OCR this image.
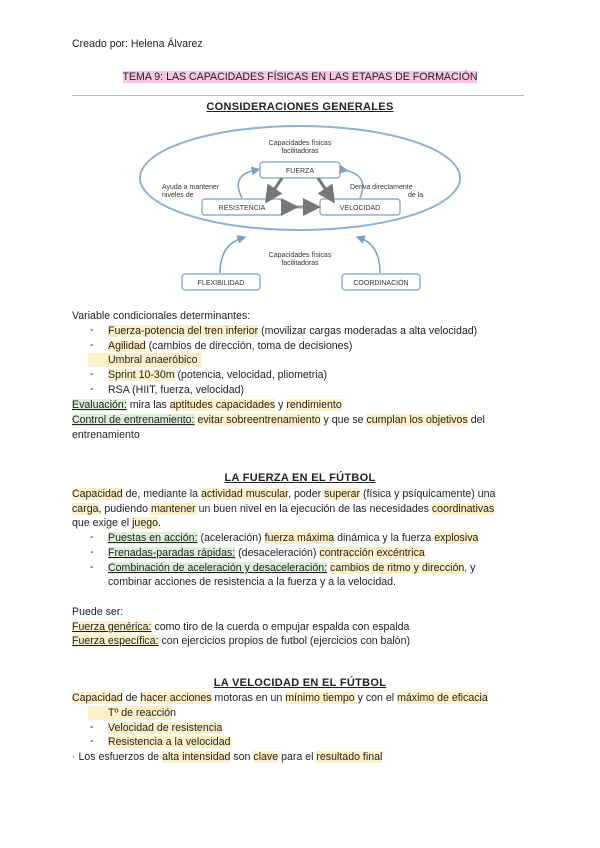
Creado por: Helena Álvarez
TEMA 9: LAS CAPACIDADES FÍSICAS EN LAS ETAPAS DE FORMACIÓN
CONSIDERACIONES GENERALES
Capacidades físicas
facilitadoras
FUERZA
RESISTENCIA	VELOCIDAD
Ayuda a mantener
niveles de
Deriva directamente
de la
Capacidades físicas
facilitadoras
FLEXIBILIDAD	COORDINACIÓN
Variable condicionales determinantes:
- Fuerza-potencia del tren inferior (movilizar cargas moderadas a alta velocidad)
- Agilidad (cambios de dirección, toma de decisiones)
Umbral anaeróbico
- Sprint 10-30m (potencia, velocidad, pliometria)
- RSA (HIIT, fuerza, velocidad)
Evaluación: mira las aptitudes capacidades y rendimiento
Control de entrenamiento: evitar sobreentrenamiento y que se cumplan los objetivos del
entrenamiento
LA FUERZA EN EL FÚTBOL
Capacidad de, mediante la actividad muscular, poder superar (física y psíquicamente) una
carga, pudiendo mantener un buen nivel en la ejecución de las necesidades coordinativas
que exige el juego.
- Puestas en acción: (aceleración) fuerza máxima dinámica y la fuerza explosiva
- Frenadas-paradas rápidas: (desaceleración) contracción excéntrica
- Combinación de aceleración y desaceleración: cambios de ritmo y dirección, y
combinar acciones de resistencia a la fuerza y a la velocidad.
Puede ser:
Fuerza genérica: como tiro de la cuerda o empujar espalda con espalda
Fuerza específica: con ejercicios propios de futbol (ejercicios con balón)
LA VELOCIDAD EN EL FÚTBOL
Capacidad de hacer acciones motoras en un mínimo tiempo y con el máximo de eficacia
Tº de reacción
- Velocidad de resistencia
- Resistencia a la velocidad
· Los esfuerzos de alta intensidad son clave para el resultado final
